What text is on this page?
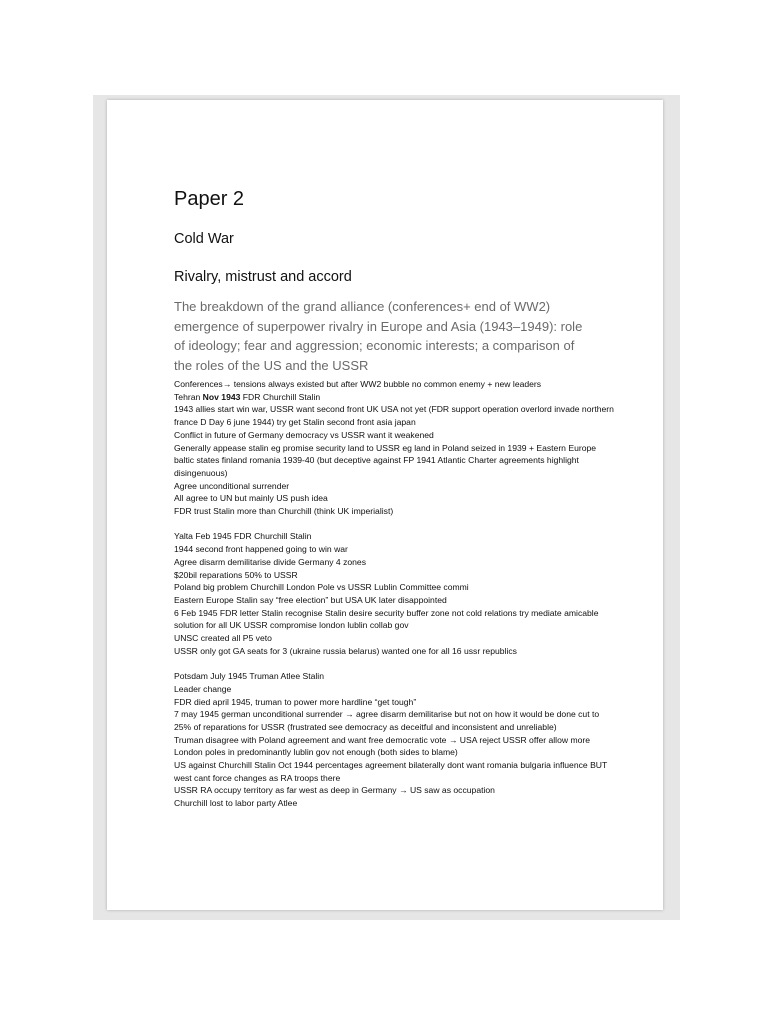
Paper 2
Cold War
Rivalry, mistrust and accord
The breakdown of the grand alliance (conferences+ end of WW2) emergence of superpower rivalry in Europe and Asia (1943–1949): role of ideology; fear and aggression; economic interests; a comparison of the roles of the US and the USSR
Conferences→ tensions always existed but after WW2 bubble no common enemy + new leaders
Tehran Nov 1943 FDR Churchill Stalin
1943 allies start win war, USSR want second front UK USA not yet (FDR support operation overlord invade northern france D Day 6 june 1944) try get Stalin second front asia japan
Conflict in future of Germany democracy vs USSR want it weakened
Generally appease stalin eg promise security land to USSR eg land in Poland seized in 1939 + Eastern Europe baltic states finland romania 1939-40 (but deceptive against FP 1941 Atlantic Charter agreements highlight disingenuous)
Agree unconditional surrender
All agree to UN but mainly US push idea
FDR trust Stalin more than Churchill (think UK imperialist)
Yalta Feb 1945 FDR Churchill Stalin
1944 second front happened going to win war
Agree disarm demilitarise divide Germany 4 zones
$20bil reparations 50% to USSR
Poland big problem Churchill London Pole vs USSR Lublin Committee commi
Eastern Europe Stalin say “free election” but USA UK later disappointed
6 Feb 1945 FDR letter Stalin recognise Stalin desire security buffer zone not cold relations try mediate amicable solution for all UK USSR compromise london lublin collab gov
UNSC created all P5 veto
USSR only got GA seats for 3 (ukraine russia belarus) wanted one for all 16 ussr republics
Potsdam July 1945 Truman Atlee Stalin
Leader change
FDR died april 1945, truman to power more hardline “get tough”
7 may 1945 german unconditional surrender → agree disarm demilitarise but not on how it would be done cut to 25% of reparations for USSR (frustrated see democracy as deceitful and inconsistent and unreliable)
Truman disagree with Poland agreement and want free democratic vote → USA reject USSR offer allow more London poles in predominantly lublin gov not enough (both sides to blame)
US against Churchill Stalin Oct 1944 percentages agreement bilaterally dont want romania bulgaria influence BUT west cant force changes as RA troops there
USSR RA occupy territory as far west as deep in Germany → US saw as occupation
Churchill lost to labor party Atlee
